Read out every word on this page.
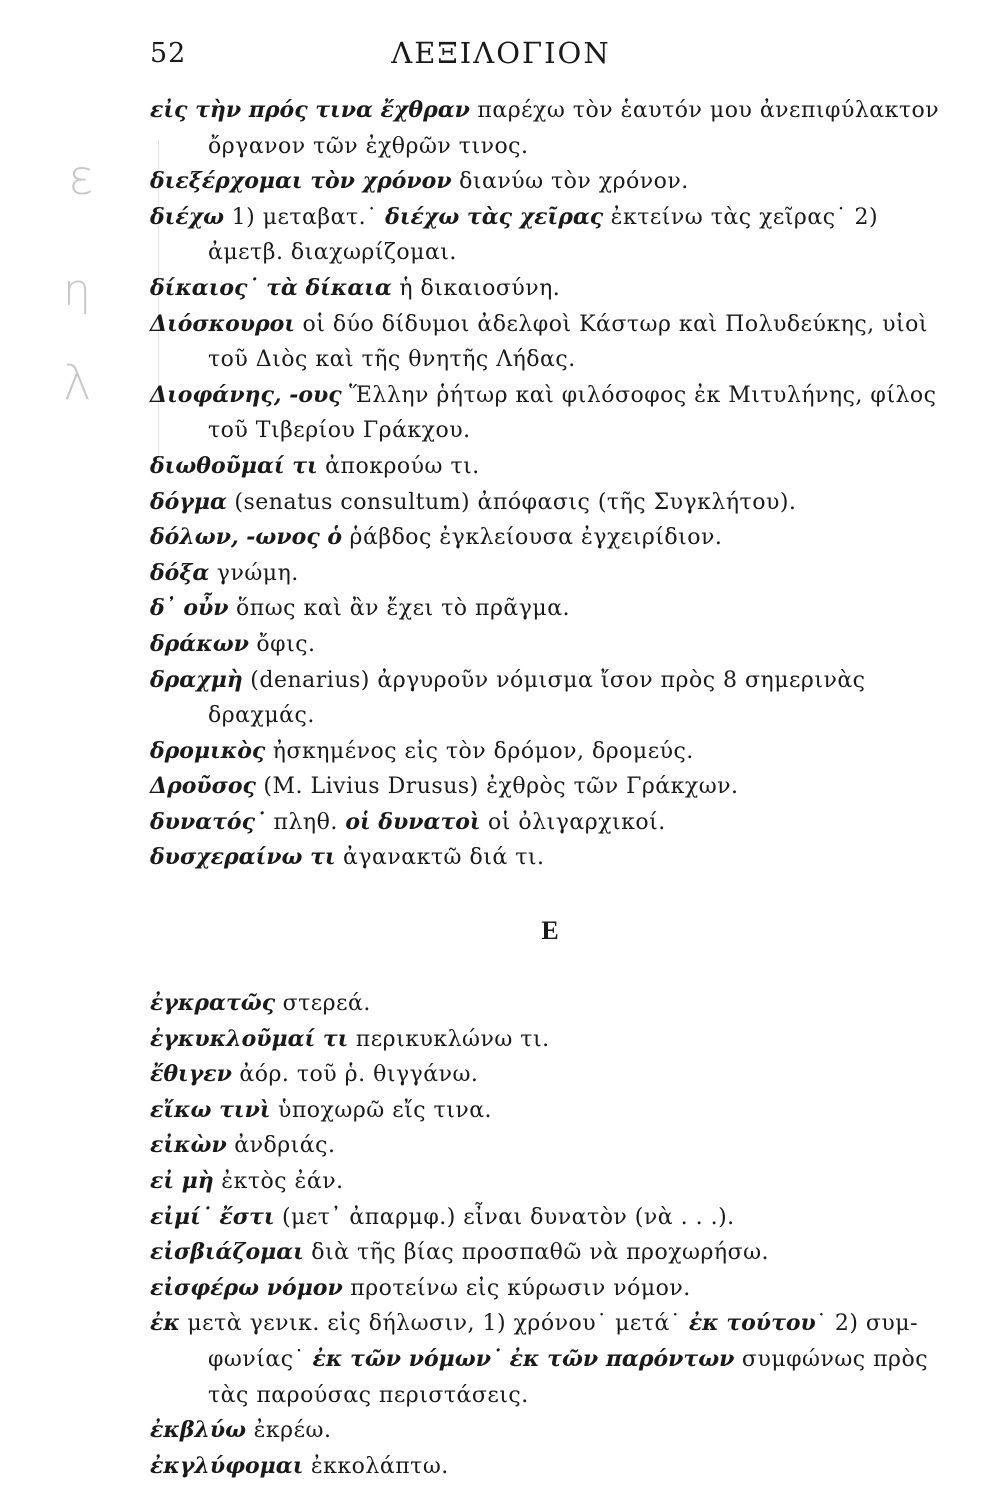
52	ΛΕΞΙΛΟΓΙΟΝ
ε
η
λ

εἰς τὴν πρός τινα ἔχθραν παρέχω τὸν ἑαυτόν μου ἀνεπιφύλακτον ὄργανον τῶν ἐχθρῶν τινος.

διεξέρχομαι τὸν χρόνον διανύω τὸν χρόνον.

διέχω 1) μεταβατ.˙ διέχω τὰς χεῖρας ἐκτείνω τὰς χεῖρας˙ 2) ἀμετβ. διαχωρίζομαι.

δίκαιος˙ τὰ δίκαια ἡ δικαιοσύνη.

Διόσκουροι οἱ δύο δίδυμοι ἀδελφοὶ Κάστωρ καὶ Πολυδεύκης, υἱοὶ τοῦ Διὸς καὶ τῆς θνητῆς Λήδας.

Διοφάνης, -ους Ἕλλην ῥήτωρ καὶ φιλόσοφος ἐκ Μιτυλήνης, φίλος τοῦ Τιβερίου Γράκχου.

διωθοῦμαί τι ἀποκρούω τι.

δόγμα (senatus consultum) ἀπόφασις (τῆς Συγκλήτου).

δόλων, -ωνος ὁ ῥάβδος ἐγκλείουσα ἐγχειρίδιον.

δόξα γνώμη.

δ᾽ οὖν ὅπως καὶ ἂν ἔχει τὸ πρᾶγμα.

δράκων ὄφις.

δραχμὴ (denarius) ἀργυροῦν νόμισμα ἴσον πρὸς 8 σημερινὰς δραχμάς.

δρομικὸς ἠσκημένος εἰς τὸν δρόμον, δρομεύς.

Δροῦσος (M. Livius Drusus) ἐχθρὸς τῶν Γράκχων.

δυνατός˙ πληθ. οἱ δυνατοὶ οἱ ὀλιγαρχικοί.

δυσχεραίνω τι ἀγανακτῶ διά τι.

E

ἐγκρατῶς στερεά.

ἐγκυκλοῦμαί τι περικυκλώνω τι.

ἔθιγεν ἀόρ. τοῦ ῥ. θιγγάνω.

εἴκω τινὶ ὑποχωρῶ εἴς τινα.

εἰκὼν ἀνδριάς.

εἰ μὴ ἐκτὸς ἐάν.

εἰμί˙ ἔστι (μετ᾽ ἀπαρμφ.) εἶναι δυνατὸν (νὰ . . .).

εἰσβιάζομαι διὰ τῆς βίας προσπαθῶ νὰ προχωρήσω.

εἰσφέρω νόμον προτείνω εἰς κύρωσιν νόμον.

ἐκ μετὰ γενικ. εἰς δήλωσιν, 1) χρόνου˙ μετά˙ ἐκ τούτου˙ 2) συμφωνίας˙ ἐκ τῶν νόμων˙ ἐκ τῶν παρόντων συμφώνως πρὸς τὰς παρούσας περιστάσεις.

ἐκβλύω ἐκρέω.

ἐκγλύφομαι ἐκκολάπτω.
